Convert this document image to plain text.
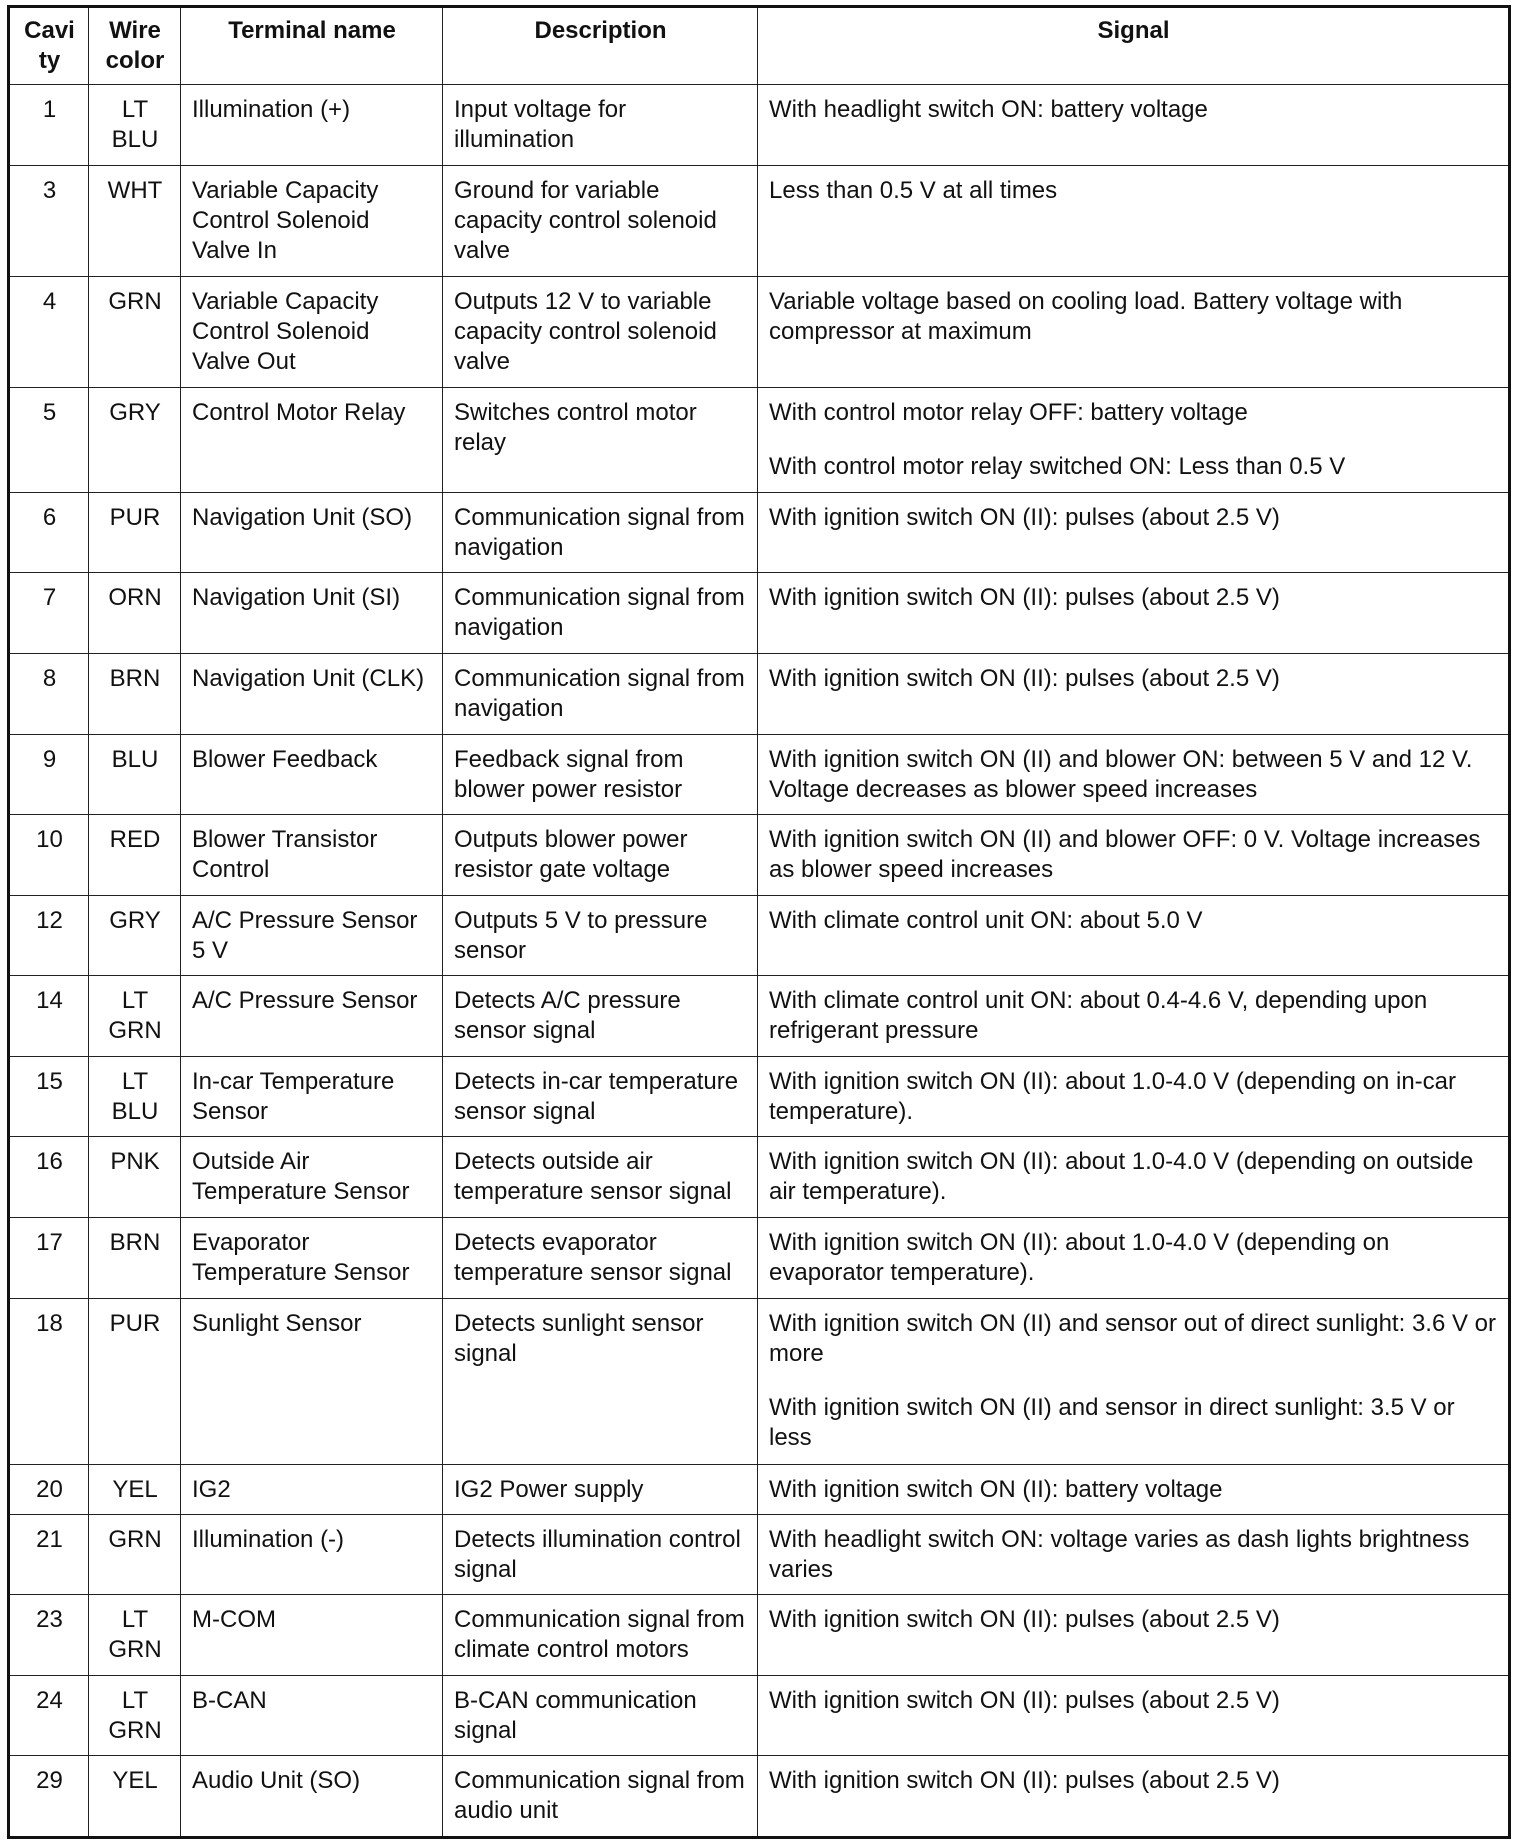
Cavity	Wire color	Terminal name	Description	Signal
1	LT BLU	Illumination (+)	Input voltage for illumination	With headlight switch ON: battery voltage

3	WHT	Variable Capacity Control Solenoid Valve In	Ground for variable capacity control solenoid valve	Less than 0.5 V at all times

4	GRN	Variable Capacity Control Solenoid Valve Out	Outputs 12 V to variable capacity control solenoid valve	Variable voltage based on cooling load. Battery voltage with compressor at maximum

5	GRY	Control Motor Relay	Switches control motor relay	With control motor relay OFF: battery voltage
With control motor relay switched ON: Less than 0.5 V

6	PUR	Navigation Unit (SO)	Communication signal from navigation	With ignition switch ON (II): pulses (about 2.5 V)

7	ORN	Navigation Unit (SI)	Communication signal from navigation	With ignition switch ON (II): pulses (about 2.5 V)

8	BRN	Navigation Unit (CLK)	Communication signal from navigation	With ignition switch ON (II): pulses (about 2.5 V)

9	BLU	Blower Feedback	Feedback signal from blower power resistor	With ignition switch ON (II) and blower ON: between 5 V and 12 V. Voltage decreases as blower speed increases

10	RED	Blower Transistor Control	Outputs blower power resistor gate voltage	With ignition switch ON (II) and blower OFF: 0 V. Voltage increases as blower speed increases

12	GRY	A/C Pressure Sensor 5 V	Outputs 5 V to pressure sensor	With climate control unit ON: about 5.0 V

14	LT GRN	A/C Pressure Sensor	Detects A/C pressure sensor signal	With climate control unit ON: about 0.4-4.6 V, depending upon refrigerant pressure

15	LT BLU	In-car Temperature Sensor	Detects in-car temperature sensor signal	With ignition switch ON (II): about 1.0-4.0 V (depending on in-car temperature).

16	PNK	Outside Air Temperature Sensor	Detects outside air temperature sensor signal	With ignition switch ON (II): about 1.0-4.0 V (depending on outside air temperature).

17	BRN	Evaporator Temperature Sensor	Detects evaporator temperature sensor signal	With ignition switch ON (II): about 1.0-4.0 V (depending on evaporator temperature).

18	PUR	Sunlight Sensor	Detects sunlight sensor signal	With ignition switch ON (II) and sensor out of direct sunlight: 3.6 V or more
With ignition switch ON (II) and sensor in direct sunlight: 3.5 V or less

20	YEL	IG2	IG2 Power supply	With ignition switch ON (II): battery voltage

21	GRN	Illumination (-)	Detects illumination control signal	With headlight switch ON: voltage varies as dash lights brightness varies

23	LT GRN	M-COM	Communication signal from climate control motors	With ignition switch ON (II): pulses (about 2.5 V)

24	LT GRN	B-CAN	B-CAN communication signal	With ignition switch ON (II): pulses (about 2.5 V)

29	YEL	Audio Unit (SO)	Communication signal from audio unit	With ignition switch ON (II): pulses (about 2.5 V)
